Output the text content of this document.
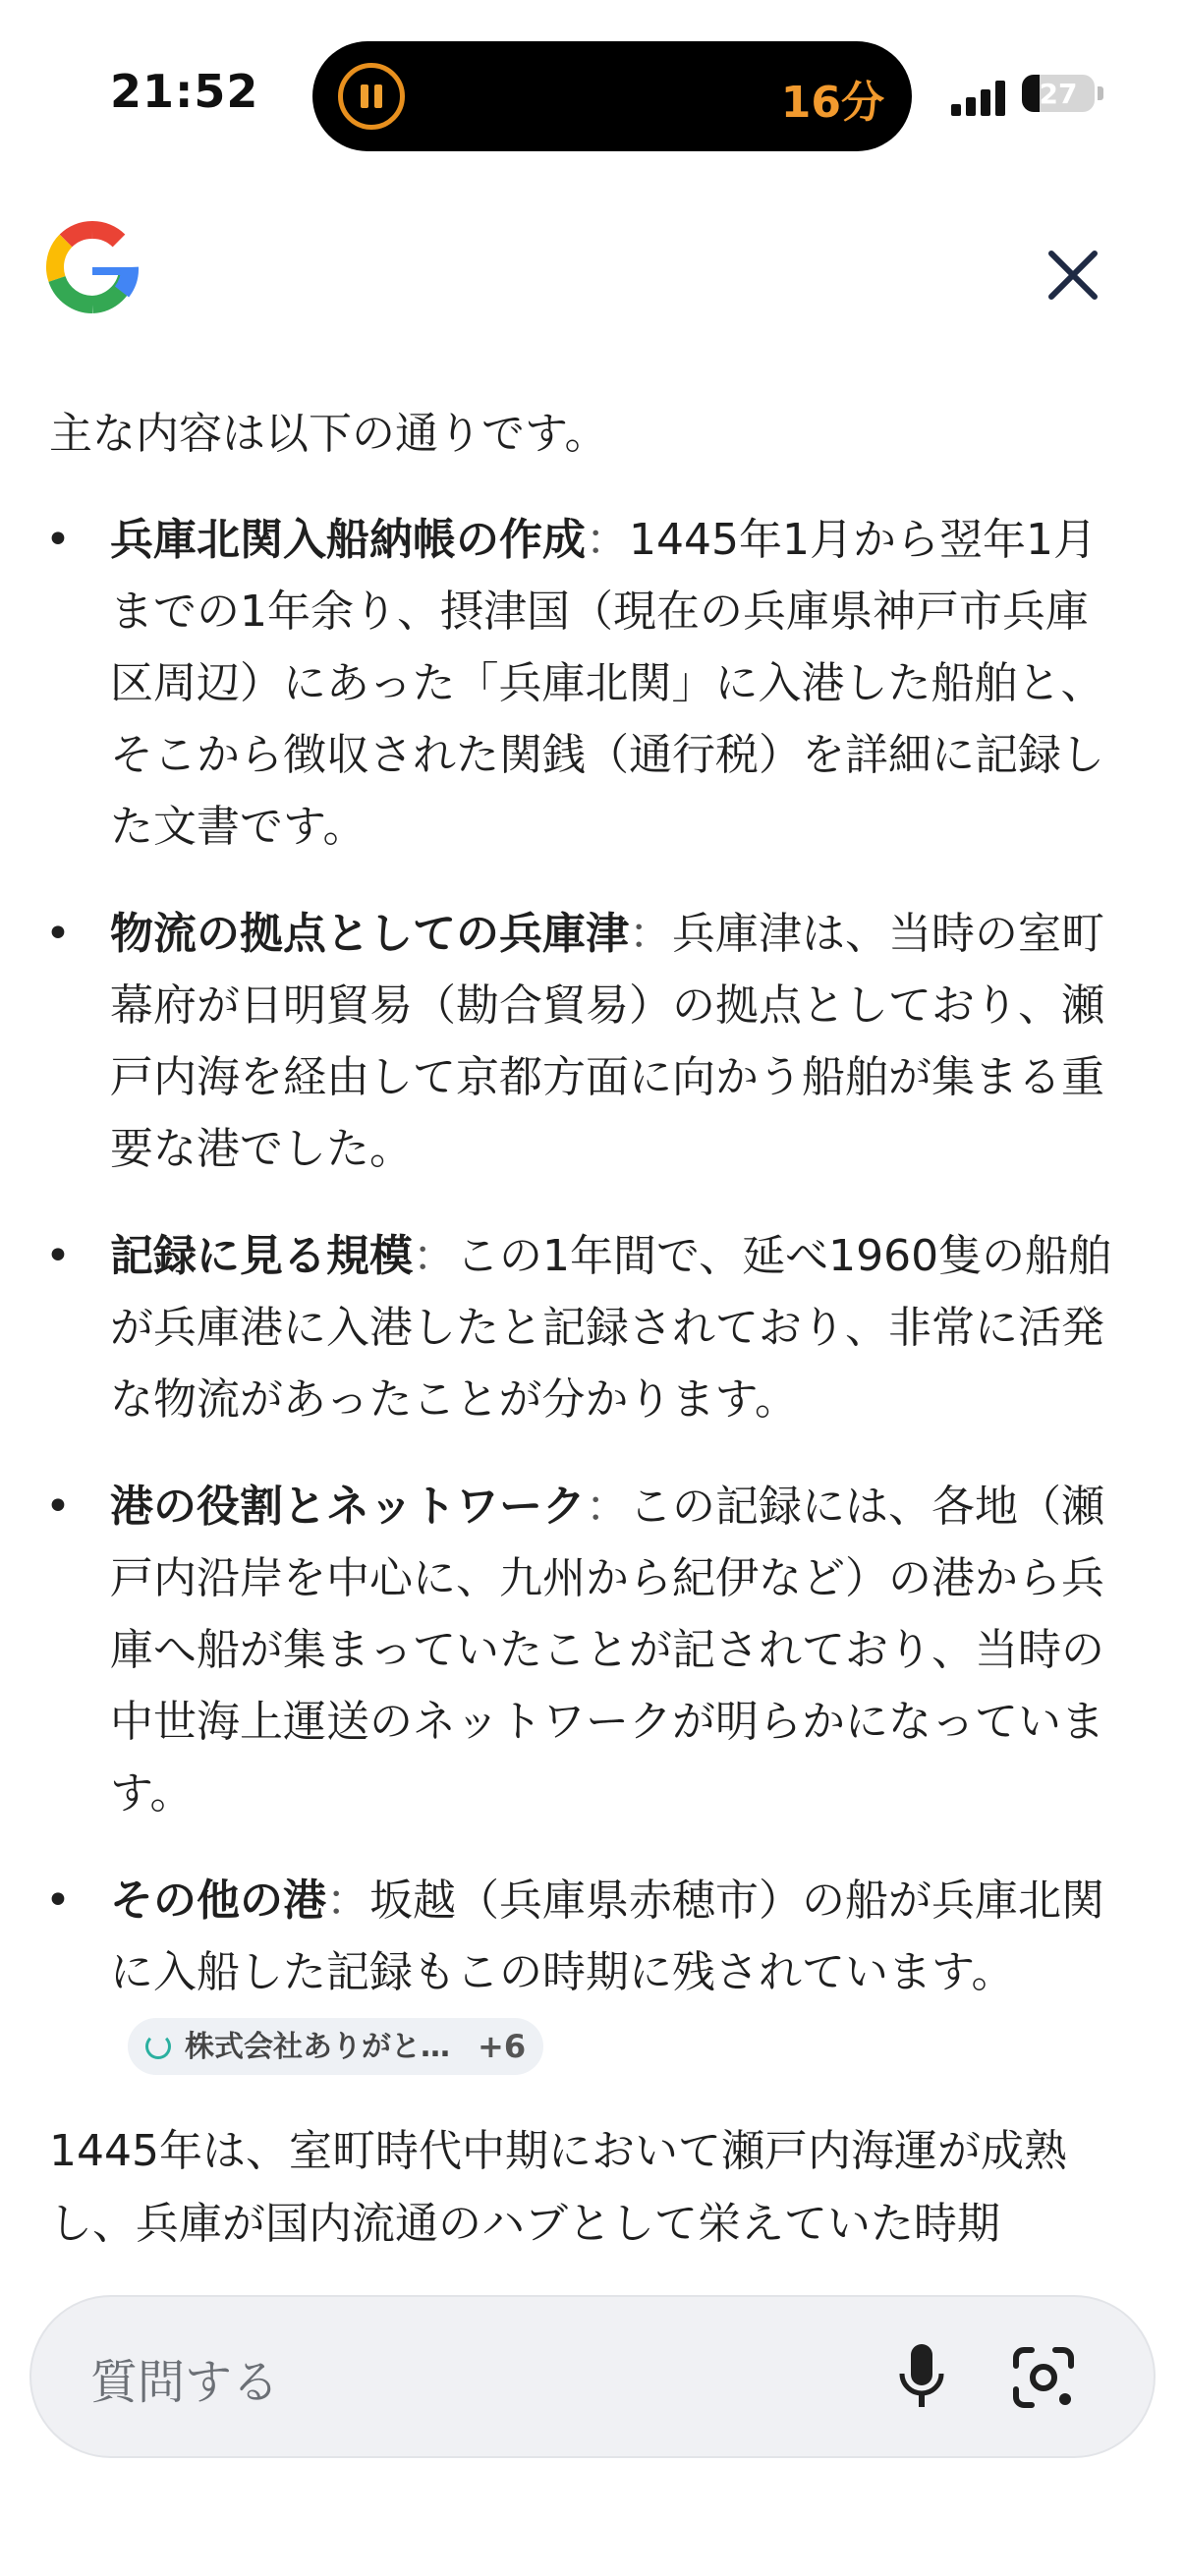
21:52	16分	27

主な内容は以下の通りです。

• 兵庫北関入船納帳の作成：1445年1月から翌年1月までの1年余り、摂津国（現在の兵庫県神戸市兵庫区周辺）にあった「兵庫北関」に入港した船舶と、そこから徴収された関銭（通行税）を詳細に記録した文書です。
• 物流の拠点としての兵庫津：兵庫津は、当時の室町幕府が日明貿易（勘合貿易）の拠点としており、瀬戸内海を経由して京都方面に向かう船舶が集まる重要な港でした。
• 記録に見る規模：この1年間で、延べ1960隻の船舶が兵庫港に入港したと記録されており、非常に活発な物流があったことが分かります。
• 港の役割とネットワーク：この記録には、各地（瀬戸内沿岸を中心に、九州から紀伊など）の港から兵庫へ船が集まっていたことが記されており、当時の中世海上運送のネットワークが明らかになっています。
• その他の港：坂越（兵庫県赤穂市）の船が兵庫北関に入船した記録もこの時期に残されています。
株式会社ありがと… +6

1445年は、室町時代中期において瀬戸内海運が成熟し、兵庫が国内流通のハブとして栄えていた時期

質問する
